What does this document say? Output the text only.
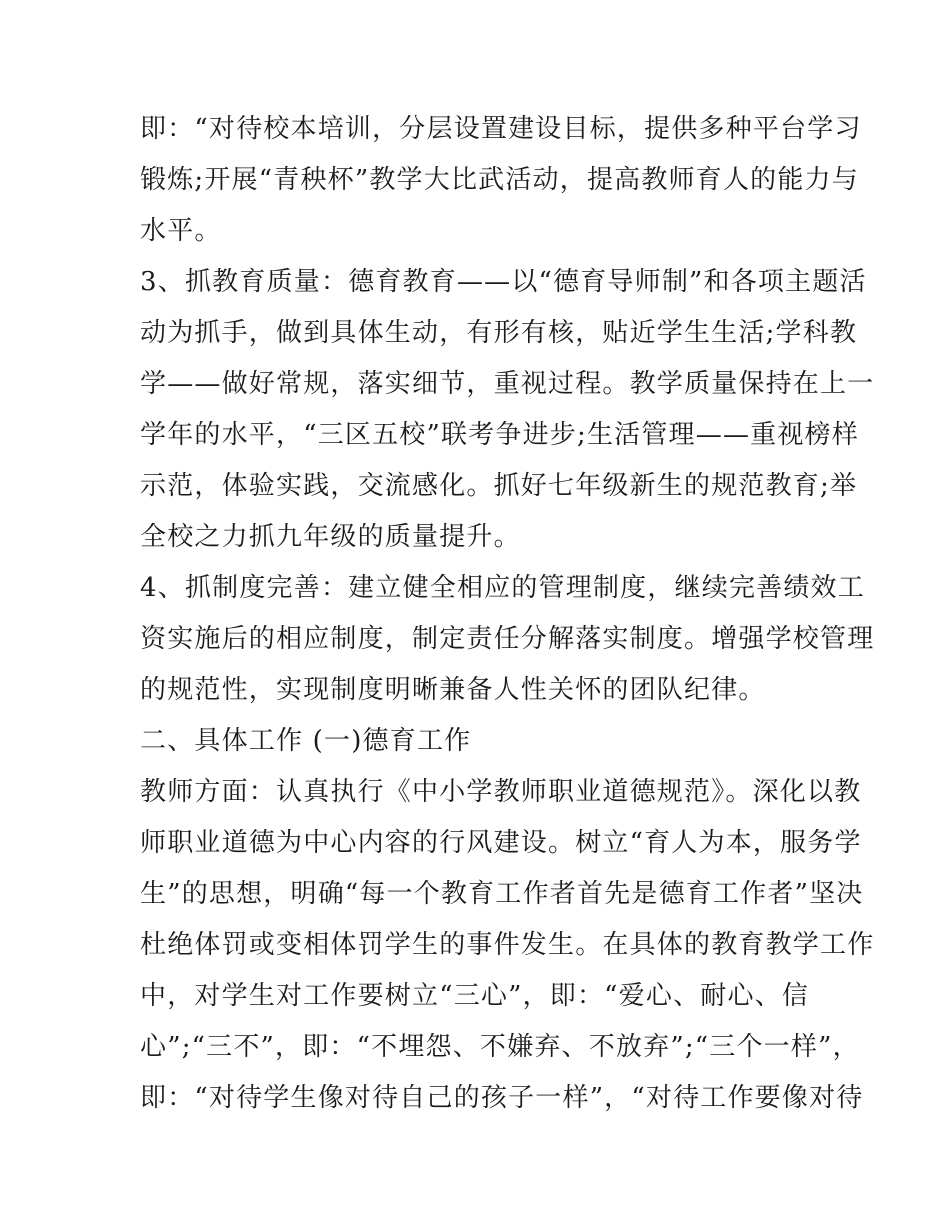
即：“对待校本培训，分层设置建设目标，提供多种平台学习
锻炼;开展“青秧杯”教学大比武活动，提高教师育人的能力与
水平。
3、抓教育质量：德育教育——以“德育导师制”和各项主题活
动为抓手，做到具体生动，有形有核，贴近学生生活;学科教
学——做好常规，落实细节，重视过程。教学质量保持在上一
学年的水平，“三区五校”联考争进步;生活管理——重视榜样
示范，体验实践，交流感化。抓好七年级新生的规范教育;举
全校之力抓九年级的质量提升。
4、抓制度完善：建立健全相应的管理制度，继续完善绩效工
资实施后的相应制度，制定责任分解落实制度。增强学校管理
的规范性，实现制度明晰兼备人性关怀的团队纪律。
二、具体工作 (一)德育工作
教师方面：认真执行《中小学教师职业道德规范》。深化以教
师职业道德为中心内容的行风建设。树立“育人为本，服务学
生”的思想，明确“每一个教育工作者首先是德育工作者”坚决
杜绝体罚或变相体罚学生的事件发生。在具体的教育教学工作
中，对学生对工作要树立“三心”，即：“爱心、耐心、信
心”;“三不”，即：“不埋怨、不嫌弃、不放弃”;“三个一样”，
即：“对待学生像对待自己的孩子一样”，“对待工作要像对待
